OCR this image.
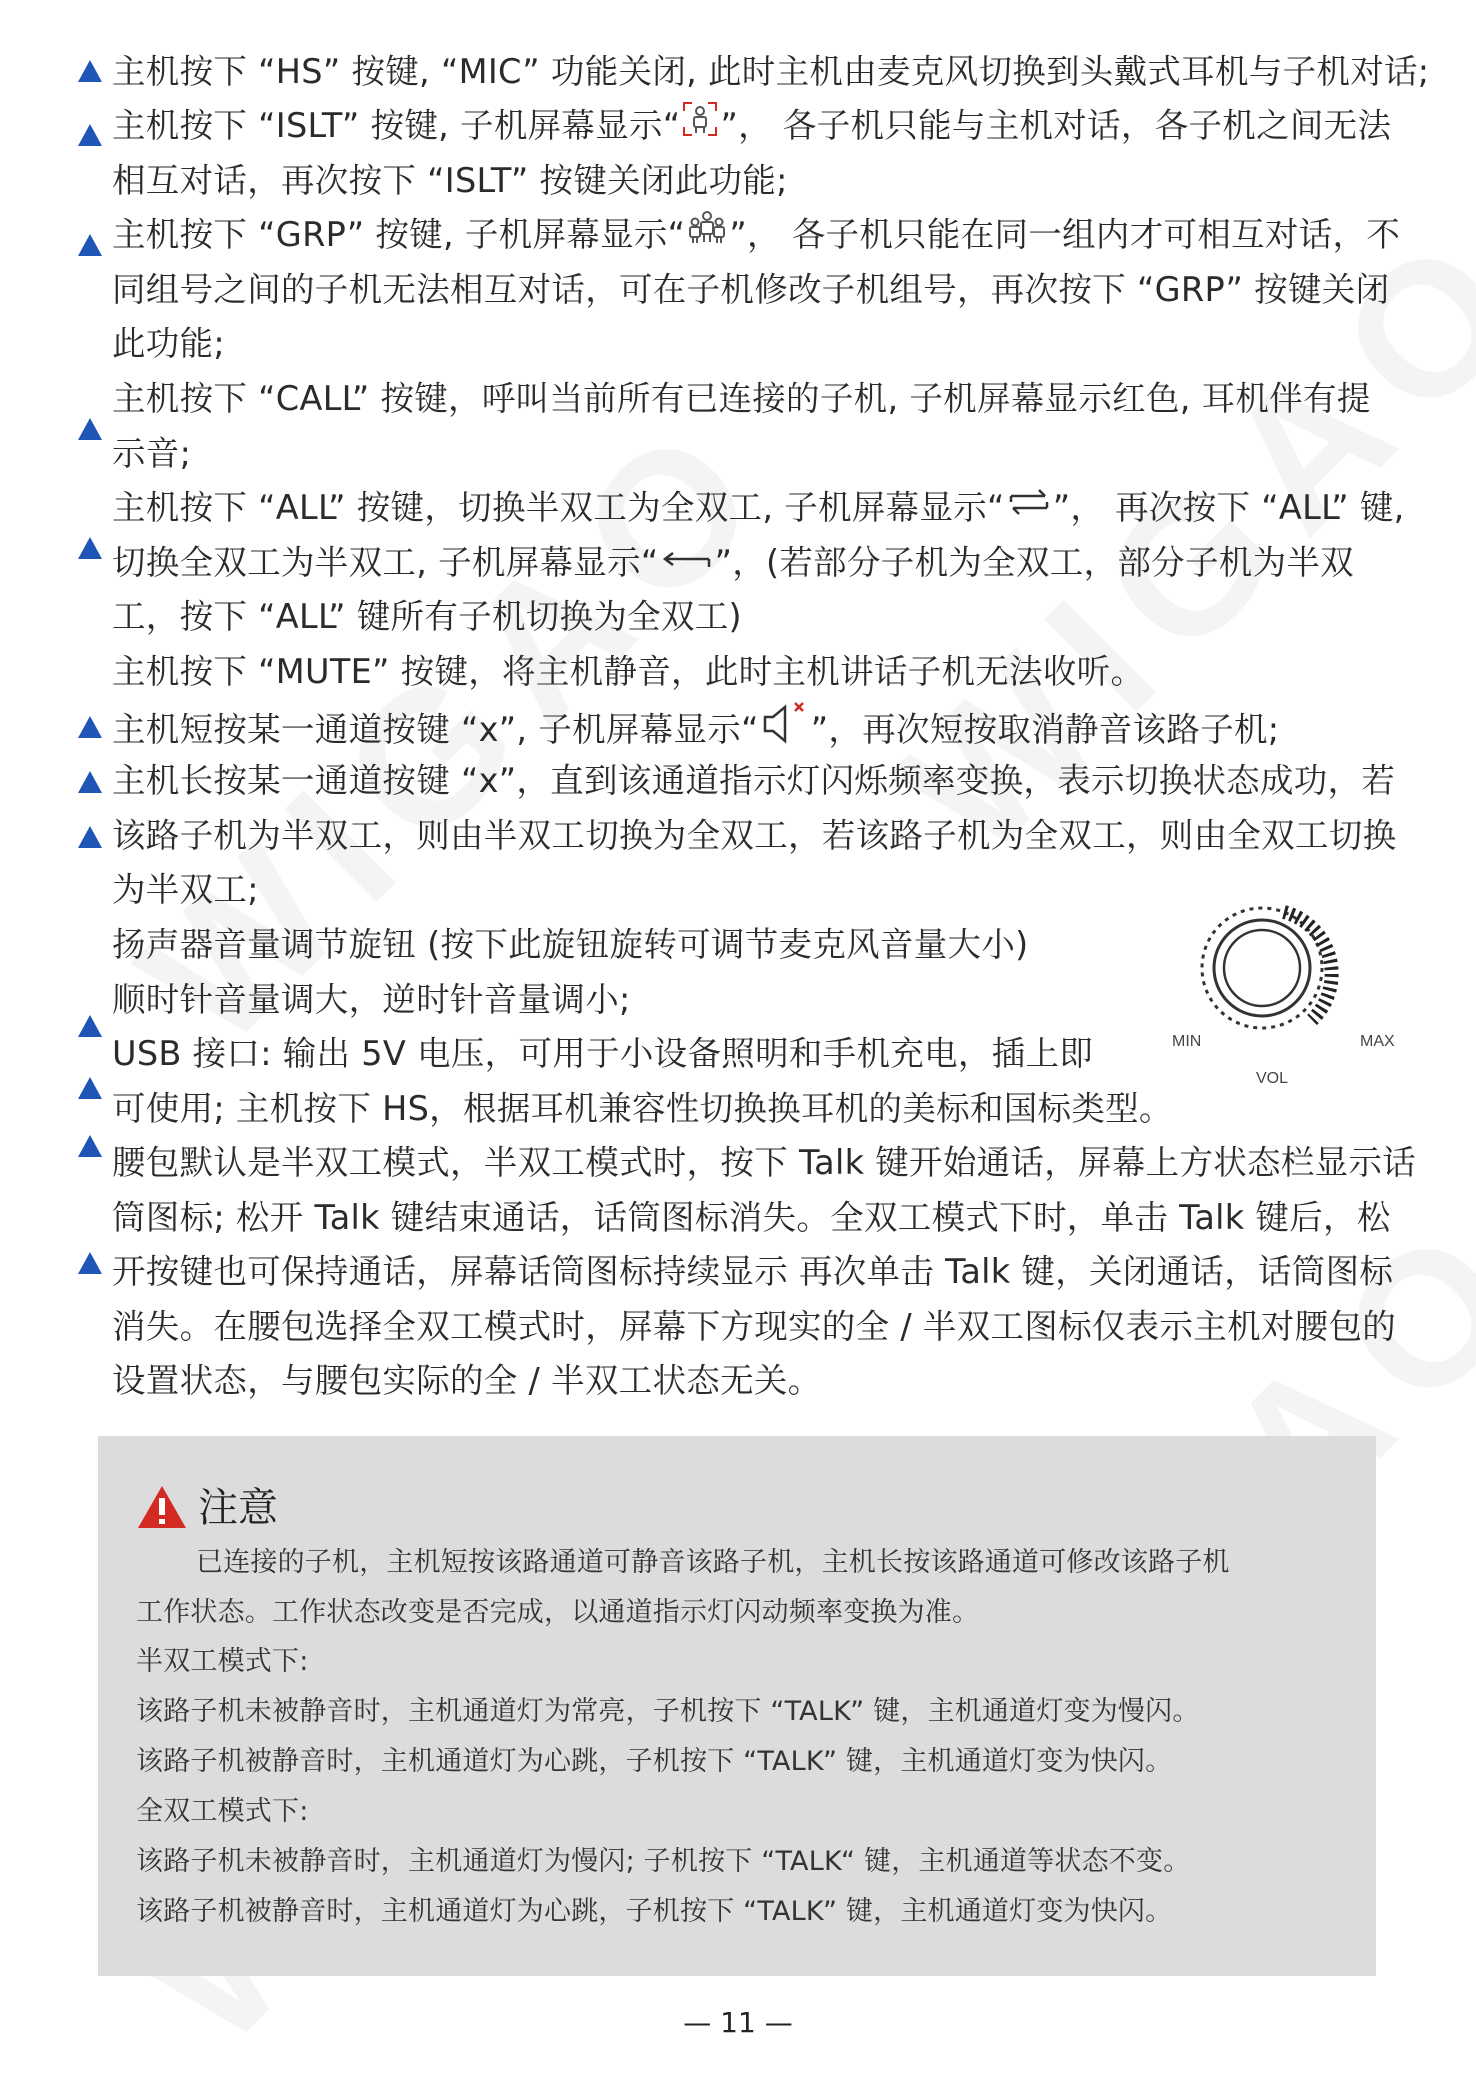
主机按下 “HS” 按键, “MIC” 功能关闭, 此时主机由麦克风切换到头戴式耳机与子机对话;
主机按下 “ISLT” 按键, 子机屏幕显示“ ”， 各子机只能与主机对话，各子机之间无法
相互对话，再次按下 “ISLT” 按键关闭此功能;
主机按下 “GRP” 按键, 子机屏幕显示“ ”， 各子机只能在同一组内才可相互对话，不
同组号之间的子机无法相互对话，可在子机修改子机组号，再次按下 “GRP” 按键关闭
此功能;
主机按下 “CALL” 按键，呼叫当前所有已连接的子机, 子机屏幕显示红色, 耳机伴有提
示音;
主机按下 “ALL” 按键，切换半双工为全双工, 子机屏幕显示“ ”， 再次按下 “ALL” 键,
切换全双工为半双工, 子机屏幕显示“ ”，(若部分子机为全双工，部分子机为半双
工，按下 “ALL” 键所有子机切换为全双工)
主机按下 “MUTE” 按键，将主机静音，此时主机讲话子机无法收听。
主机短按某一通道按键 “x”, 子机屏幕显示“ ”，再次短按取消静音该路子机;
主机长按某一通道按键 “x”，直到该通道指示灯闪烁频率变换，表示切换状态成功，若
该路子机为半双工，则由半双工切换为全双工，若该路子机为全双工，则由全双工切换
为半双工;
扬声器音量调节旋钮 (按下此旋钮旋转可调节麦克风音量大小)
顺时针音量调大，逆时针音量调小;
USB 接口: 输出 5V 电压，可用于小设备照明和手机充电，插上即
可使用; 主机按下 HS，根据耳机兼容性切换换耳机的美标和国标类型。
腰包默认是半双工模式，半双工模式时，按下 Talk 键开始通话，屏幕上方状态栏显示话
筒图标; 松开 Talk 键结束通话，话筒图标消失。全双工模式下时，单击 Talk 键后，松
开按键也可保持通话，屏幕话筒图标持续显示 再次单击 Talk 键，关闭通话，话筒图标
消失。在腰包选择全双工模式时，屏幕下方现实的全 / 半双工图标仅表示主机对腰包的
设置状态，与腰包实际的全 / 半双工状态无关。
MIN	MAX
VOL
注意
已连接的子机，主机短按该路通道可静音该路子机，主机长按该路通道可修改该路子机
工作状态。工作状态改变是否完成，以通道指示灯闪动频率变换为准。
半双工模式下:
该路子机未被静音时，主机通道灯为常亮，子机按下 “TALK” 键，主机通道灯变为慢闪。
该路子机被静音时，主机通道灯为心跳，子机按下 “TALK” 键，主机通道灯变为快闪。
全双工模式下:
该路子机未被静音时，主机通道灯为慢闪; 子机按下 “TALK“ 键，主机通道等状态不变。
该路子机被静音时，主机通道灯为心跳，子机按下 “TALK” 键，主机通道灯变为快闪。
— 11 —
